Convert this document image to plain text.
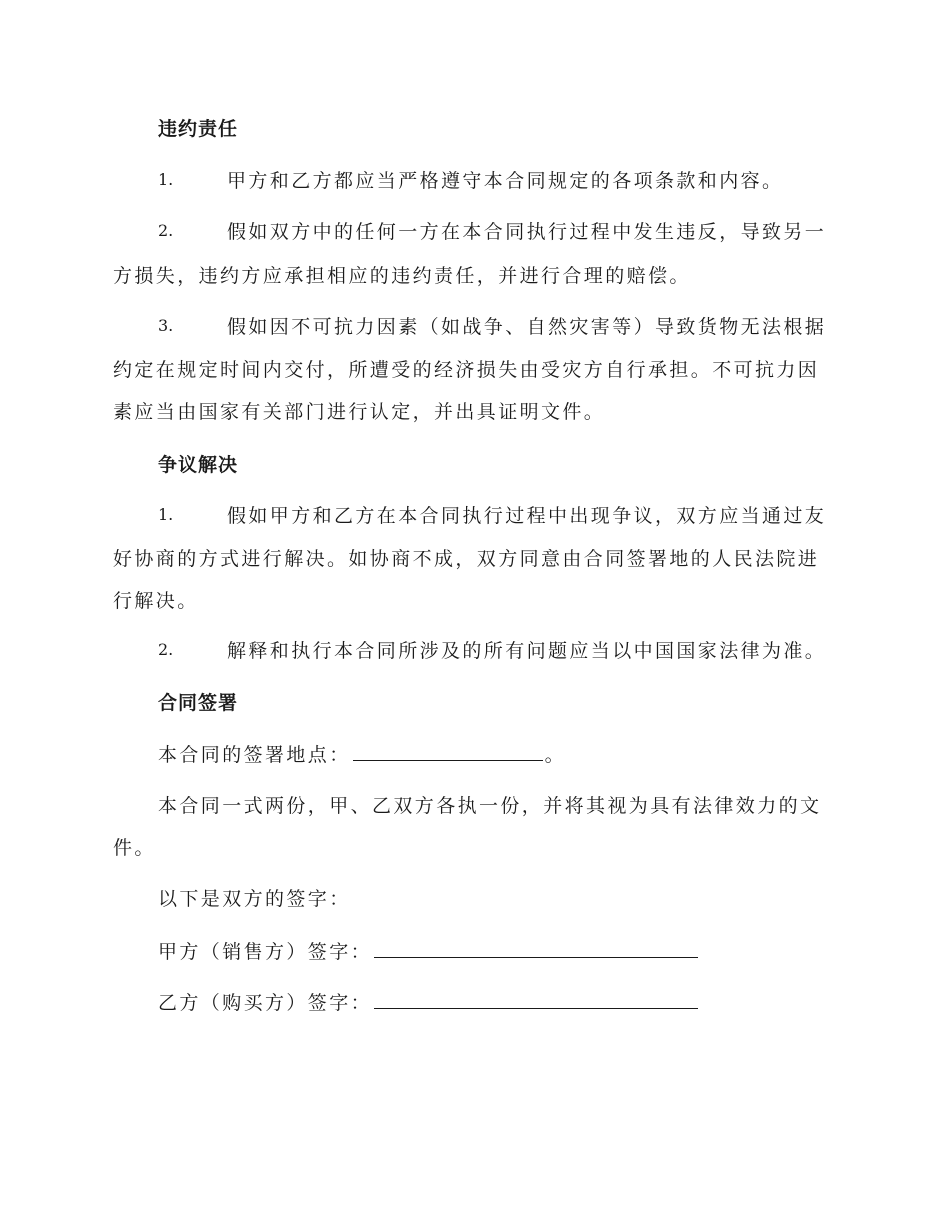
违约责任
1.	甲方和乙方都应当严格遵守本合同规定的各项条款和内容。
2.	假如双方中的任何一方在本合同执行过程中发生违反，导致另一
方损失，违约方应承担相应的违约责任，并进行合理的赔偿。
3.	假如因不可抗力因素（如战争、自然灾害等）导致货物无法根据
约定在规定时间内交付，所遭受的经济损失由受灾方自行承担。不可抗力因
素应当由国家有关部门进行认定，并出具证明文件。
争议解决
1.	假如甲方和乙方在本合同执行过程中出现争议，双方应当通过友
好协商的方式进行解决。如协商不成，双方同意由合同签署地的人民法院进
行解决。
2.	解释和执行本合同所涉及的所有问题应当以中国国家法律为准。
合同签署
本合同的签署地点：	。
本合同一式两份，甲、乙双方各执一份，并将其视为具有法律效力的文
件。
以下是双方的签字：
甲方（销售方）签字：
乙方（购买方）签字：
